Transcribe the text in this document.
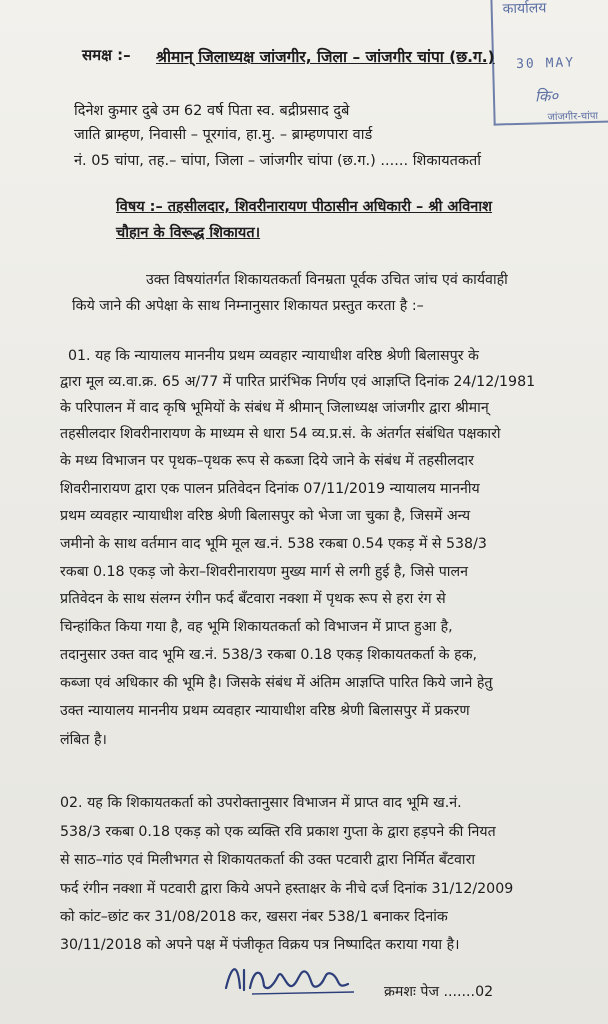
कार्यालय
30 MAY
कि०
जांजगीर-चांपा
समक्ष :– श्रीमान् जिलाध्यक्ष जांजगीर, जिला – जांजगीर चांपा (छ.ग.)
दिनेश कुमार दुबे उम 62 वर्ष पिता स्व. बद्रीप्रसाद दुबे
जाति ब्राम्हण, निवासी – पूरगांव, हा.मु. – ब्राम्हणपारा वार्ड
नं. 05 चांपा, तह.– चांपा, जिला – जांजगीर चांपा (छ.ग.) ...... शिकायतकर्ता
विषय :– तहसीलदार, शिवरीनारायण पीठासीन अधिकारी – श्री अविनाश
चौहान के विरूद्ध शिकायत।
उक्त विषयांतर्गत शिकायतकर्ता विनम्रता पूर्वक उचित जांच एवं कार्यवाही
किये जाने की अपेक्षा के साथ निम्नानुसार शिकायत प्रस्तुत करता है :–
01. यह कि न्यायालय माननीय प्रथम व्यवहार न्यायाधीश वरिष्ठ श्रेणी बिलासपुर के
द्वारा मूल व्य.वा.क्र. 65 अ/77 में पारित प्रारंभिक निर्णय एवं आज्ञप्ति दिनांक 24/12/1981
के परिपालन में वाद कृषि भूमियों के संबंध में श्रीमान् जिलाध्यक्ष जांजगीर द्वारा श्रीमान्
तहसीलदार शिवरीनारायण के माध्यम से धारा 54 व्य.प्र.सं. के अंतर्गत संबंधित पक्षकारो
के मध्य विभाजन पर पृथक–पृथक रूप से कब्जा दिये जाने के संबंध में तहसीलदार
शिवरीनारायण द्वारा एक पालन प्रतिवेदन दिनांक 07/11/2019 न्यायालय माननीय
प्रथम व्यवहार न्यायाधीश वरिष्ठ श्रेणी बिलासपुर को भेजा जा चुका है, जिसमें अन्य
जमीनो के साथ वर्तमान वाद भूमि मूल ख.नं. 538 रकबा 0.54 एकड़ में से 538/3
रकबा 0.18 एकड़ जो केरा–शिवरीनारायण मुख्य मार्ग से लगी हुई है, जिसे पालन
प्रतिवेदन के साथ संलग्न रंगीन फर्द बँटवारा नक्शा में पृथक रूप से हरा रंग से
चिन्हांकित किया गया है, वह भूमि शिकायतकर्ता को विभाजन में प्राप्त हुआ है,
तदानुसार उक्त वाद भूमि ख.नं. 538/3 रकबा 0.18 एकड़ शिकायतकर्ता के हक,
कब्जा एवं अधिकार की भूमि है। जिसके संबंध में अंतिम आज्ञप्ति पारित किये जाने हेतु
उक्त न्यायालय माननीय प्रथम व्यवहार न्यायाधीश वरिष्ठ श्रेणी बिलासपुर में प्रकरण
लंबित है।
02. यह कि शिकायतकर्ता को उपरोक्तानुसार विभाजन में प्राप्त वाद भूमि ख.नं.
538/3 रकबा 0.18 एकड़ को एक व्यक्ति रवि प्रकाश गुप्ता के द्वारा हड़पने की नियत
से साठ–गांठ एवं मिलीभगत से शिकायतकर्ता की उक्त पटवारी द्वारा निर्मित बँटवारा
फर्द रंगीन नक्शा में पटवारी द्वारा किये अपने हस्ताक्षर के नीचे दर्ज दिनांक 31/12/2009
को कांट–छांट कर 31/08/2018 कर, खसरा नंबर 538/1 बनाकर दिनांक
30/11/2018 को अपने पक्ष में पंजीकृत विक्रय पत्र निष्पादित कराया गया है।
क्रमशः पेज .......02
